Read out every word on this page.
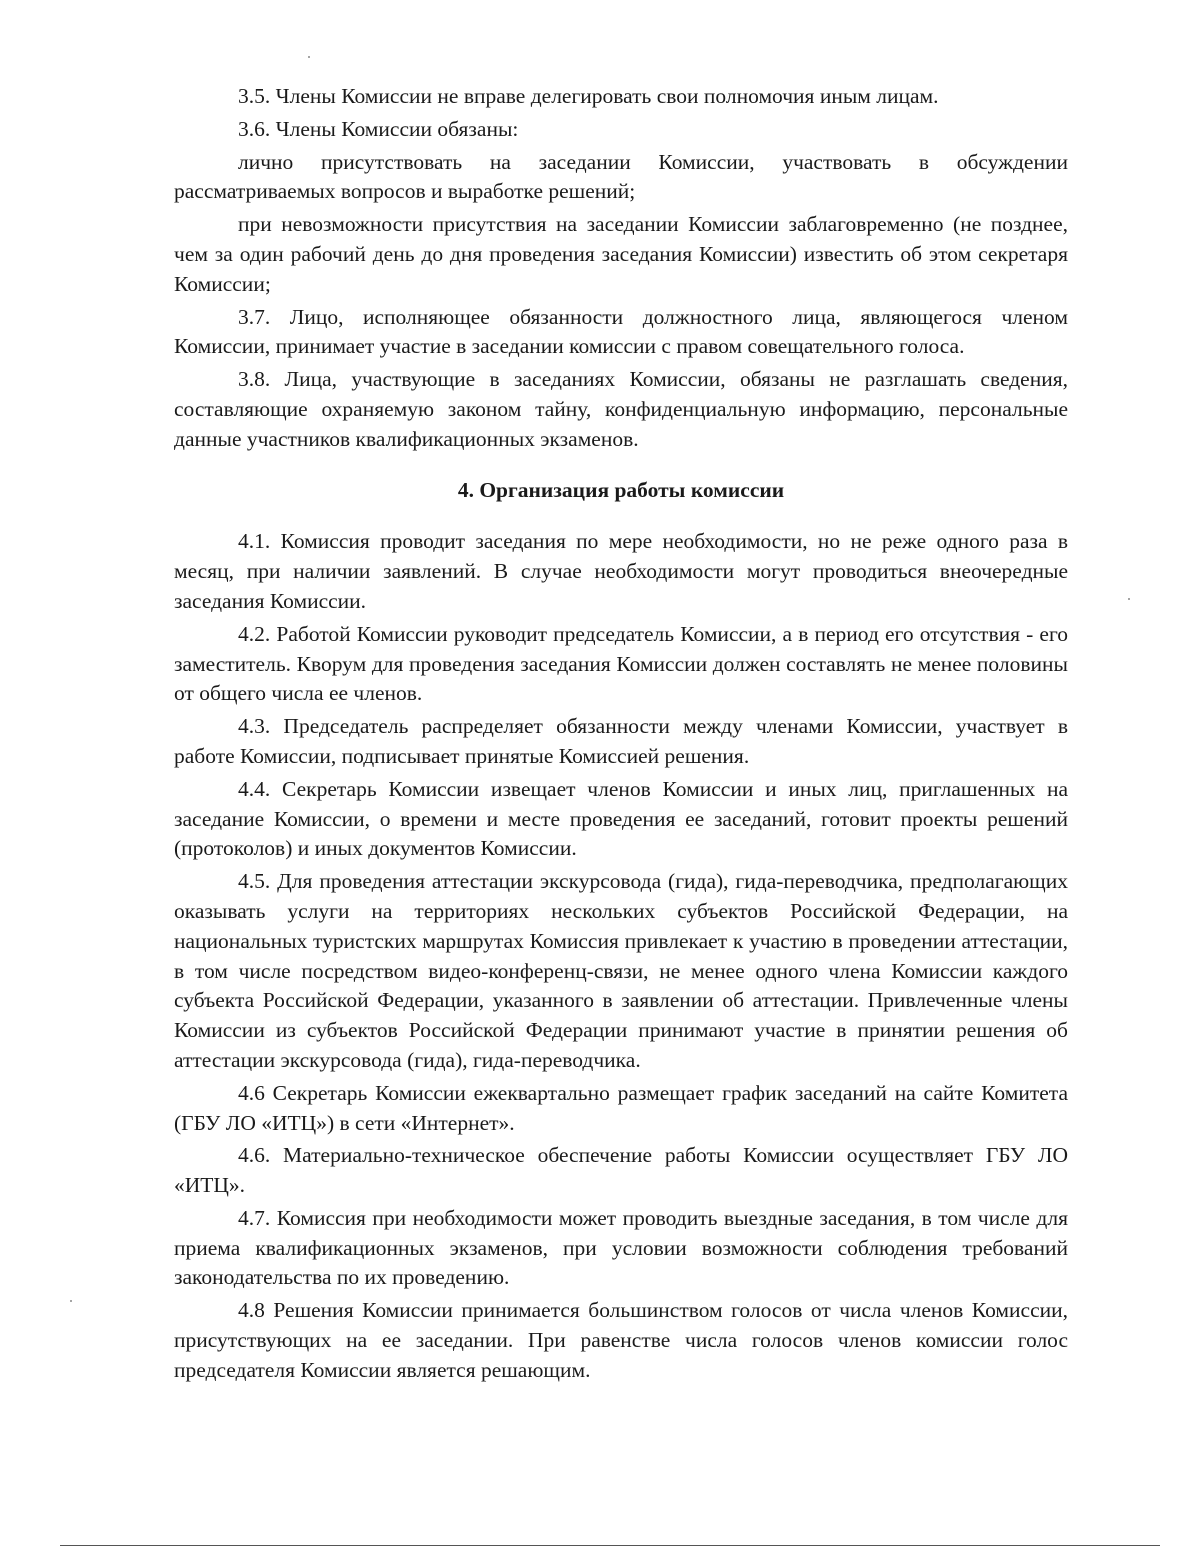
3.5. Члены Комиссии не вправе делегировать свои полномочия иным лицам.

3.6. Члены Комиссии обязаны:

лично присутствовать на заседании Комиссии, участвовать в обсуждении рассматриваемых вопросов и выработке решений;

при невозможности присутствия на заседании Комиссии заблаговременно (не позднее, чем за один рабочий день до дня проведения заседания Комиссии) известить об этом секретаря Комиссии;

3.7. Лицо, исполняющее обязанности должностного лица, являющегося членом Комиссии, принимает участие в заседании комиссии с правом совещательного голоса.

3.8. Лица, участвующие в заседаниях Комиссии, обязаны не разглашать сведения, составляющие охраняемую законом тайну, конфиденциальную информацию, персональные данные участников квалификационных экзаменов.

4. Организация работы комиссии

4.1. Комиссия проводит заседания по мере необходимости, но не реже одного раза в месяц, при наличии заявлений. В случае необходимости могут проводиться внеочередные заседания Комиссии.

4.2. Работой Комиссии руководит председатель Комиссии, а в период его отсутствия - его заместитель. Кворум для проведения заседания Комиссии должен составлять не менее половины от общего числа ее членов.

4.3. Председатель распределяет обязанности между членами Комиссии, участвует в работе Комиссии, подписывает принятые Комиссией решения.

4.4. Секретарь Комиссии извещает членов Комиссии и иных лиц, приглашенных на заседание Комиссии, о времени и месте проведения ее заседаний, готовит проекты решений (протоколов) и иных документов Комиссии.

4.5. Для проведения аттестации экскурсовода (гида), гида-переводчика, предполагающих оказывать услуги на территориях нескольких субъектов Российской Федерации, на национальных туристских маршрутах Комиссия привлекает к участию в проведении аттестации, в том числе посредством видео-конференц-связи, не менее одного члена Комиссии каждого субъекта Российской Федерации, указанного в заявлении об аттестации. Привлеченные члены Комиссии из субъектов Российской Федерации принимают участие в принятии решения об аттестации экскурсовода (гида), гида-переводчика.

4.6 Секретарь Комиссии ежеквартально размещает график заседаний на сайте Комитета (ГБУ ЛО «ИТЦ») в сети «Интернет».

4.6. Материально-техническое обеспечение работы Комиссии осуществляет ГБУ ЛО «ИТЦ».

4.7. Комиссия при необходимости может проводить выездные заседания, в том числе для приема квалификационных экзаменов, при условии возможности соблюдения требований законодательства по их проведению.

4.8 Решения Комиссии принимается большинством голосов от числа членов Комиссии, присутствующих на ее заседании. При равенстве числа голосов членов комиссии голос председателя Комиссии является решающим.
